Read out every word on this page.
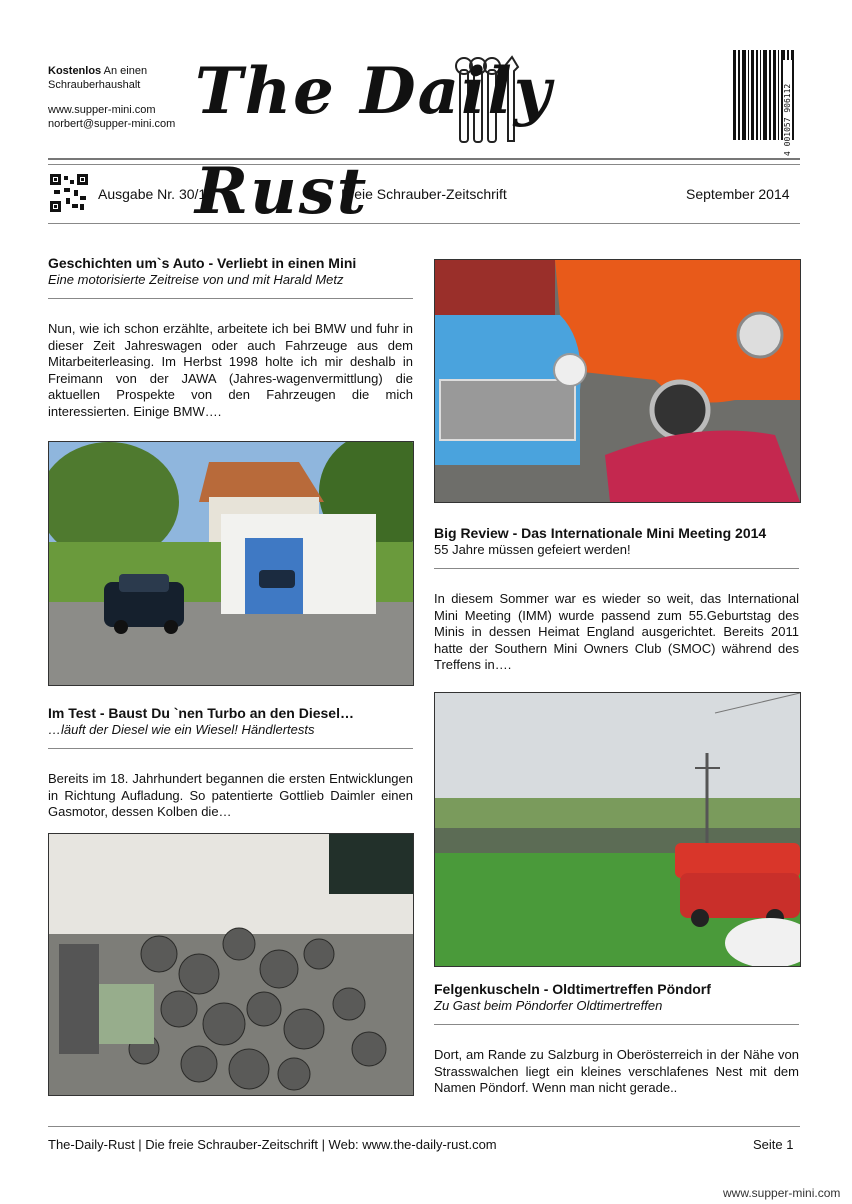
Kostenlos An einen
Schrauberhaushalt
www.supper-mini.com
norbert@supper-mini.com The Daily Rust
4 001057 906112
Ausgabe Nr. 30/14	Freie Schrauber-Zeitschrift	September 2014
Geschichten um`s Auto - Verliebt in einen Mini
Eine motorisierte Zeitreise von und mit Harald Metz
Nun, wie ich schon erzählte, arbeitete ich bei BMW und fuhr in dieser Zeit Jahreswagen oder auch Fahrzeuge aus dem Mitarbeiterleasing. Im Herbst 1998 holte ich mir deshalb in Freimann von der JAWA (Jahres-wagenvermittlung) die aktuellen Prospekte von den Fahrzeugen die mich interessierten. Einige BMW….
Im Test - Baust Du `nen Turbo an den Diesel…
…läuft der Diesel wie ein Wiesel! Händlertests
Bereits im 18. Jahrhundert begannen die ersten Entwicklungen in Richtung Aufladung. So patentierte Gottlieb Daimler einen Gasmotor, dessen Kolben die…
Big Review - Das Internationale Mini Meeting 2014
55 Jahre müssen gefeiert werden!
In diesem Sommer war es wieder so weit, das International Mini Meeting (IMM) wurde passend zum 55.Geburtstag des Minis in dessen Heimat England ausgerichtet. Bereits 2011 hatte der Southern Mini Owners Club (SMOC) während des Treffens in….
Felgenkuscheln - Oldtimertreffen Pöndorf
Zu Gast beim Pöndorfer Oldtimertreffen
Dort, am Rande zu Salzburg in Oberösterreich in der Nähe von Strasswalchen liegt ein kleines verschlafenes Nest mit dem Namen Pöndorf. Wenn man nicht gerade..
The-Daily-Rust | Die freie Schrauber-Zeitschrift | Web: www.the-daily-rust.com	Seite 1
www.supper-mini.com
